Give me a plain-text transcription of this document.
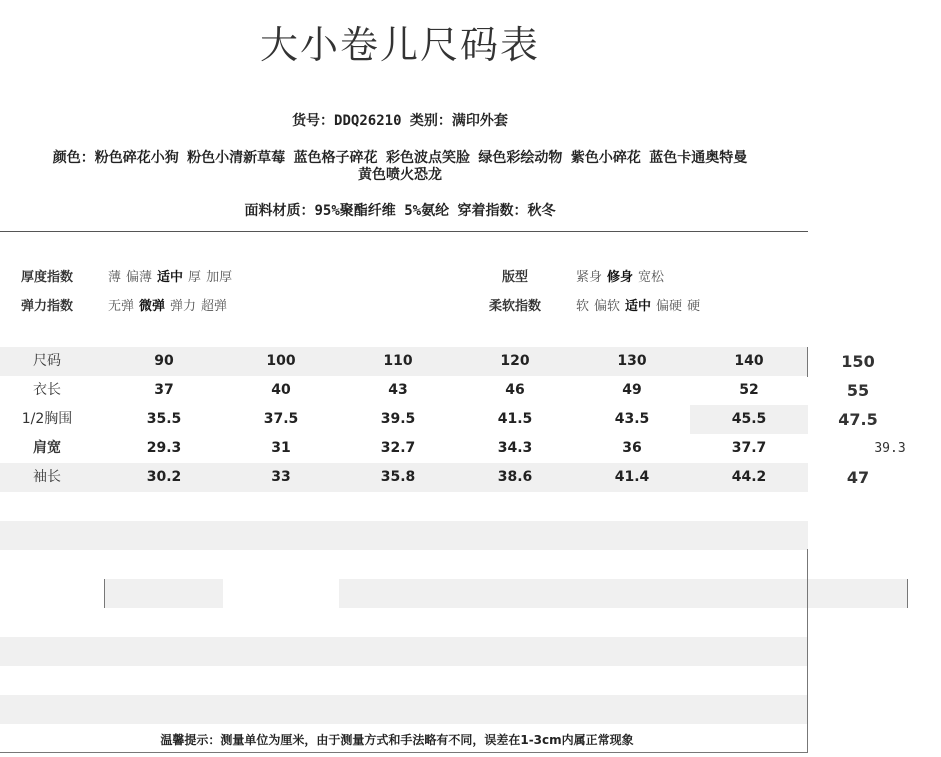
大小卷儿尺码表
货号：DDQ26210 类别：满印外套
颜色：粉色碎花小狗 粉色小清新草莓 蓝色格子碎花 彩色波点笑脸 绿色彩绘动物 紫色小碎花 蓝色卡通奥特曼
黄色喷火恐龙
面料材质：95%聚酯纤维 5%氨纶 穿着指数：秋冬
厚度指数	薄 偏薄 适中 厚 加厚
弹力指数	无弹 微弹 弹力 超弹
版型	紧身 修身 宽松
柔软指数	软 偏软 适中 偏硬 硬
尺码	90	100	110	120	130	140	150
衣长	37	40	43	46	49	52	55
1/2胸围	35.5	37.5	39.5	41.5	43.5	45.5	47.5
肩宽	29.3	31	32.7	34.3	36	37.7	39.3
袖长	30.2	33	35.8	38.6	41.4	44.2	47
温馨提示：测量单位为厘米，由于测量方式和手法略有不同，误差在1-3cm内属正常现象
